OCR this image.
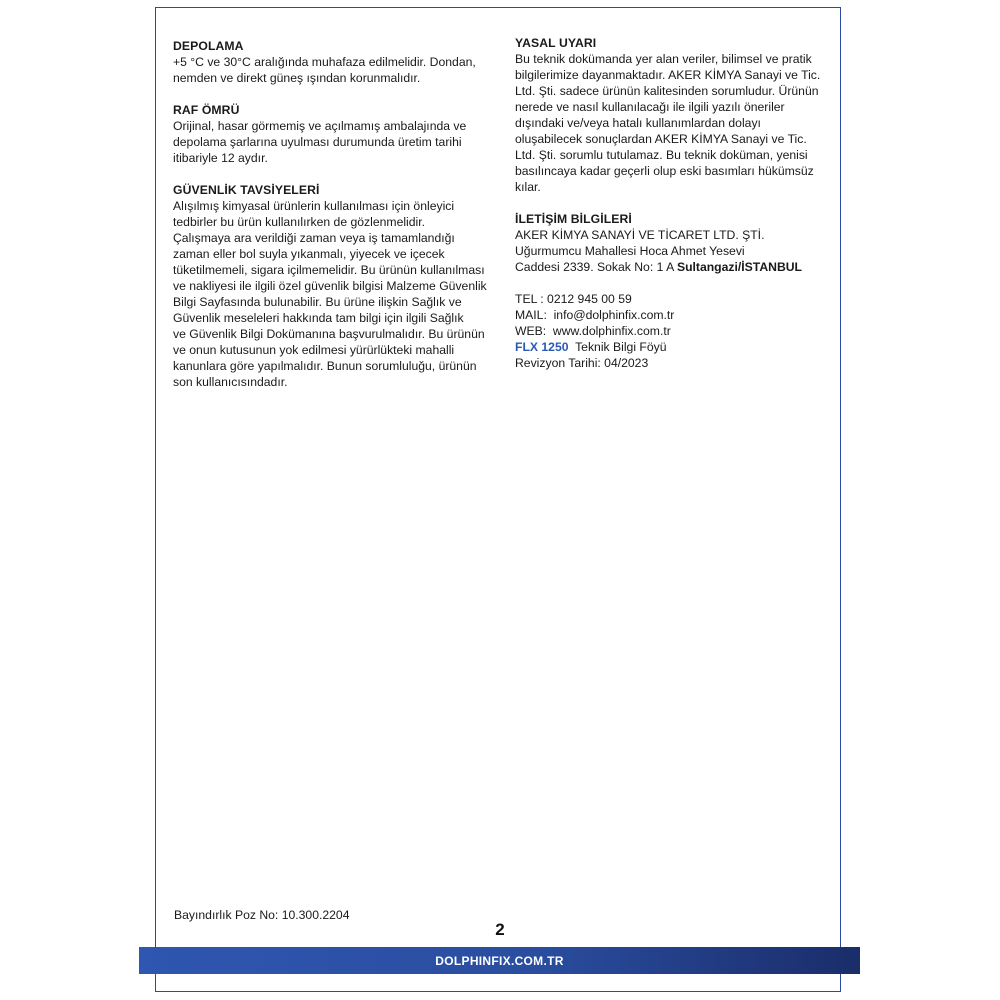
DEPOLAMA
+5 °C ve 30°C aralığında muhafaza edilmelidir. Dondan,
nemden ve direkt güneş ışından korunmalıdır.
RAF ÖMRÜ
Orijinal, hasar görmemiş ve açılmamış ambalajında ve
depolama şarlarına uyulması durumunda üretim tarihi
itibariyle 12 aydır.
GÜVENLİK TAVSİYELERİ
Alışılmış kimyasal ürünlerin kullanılması için önleyici
tedbirler bu ürün kullanılırken de gözlenmelidir.
Çalışmaya ara verildiği zaman veya iş tamamlandığı
zaman eller bol suyla yıkanmalı, yiyecek ve içecek
tüketilmemeli, sigara içilmemelidir. Bu ürünün kullanılması
ve nakliyesi ile ilgili özel güvenlik bilgisi Malzeme Güvenlik
Bilgi Sayfasında bulunabilir. Bu ürüne ilişkin Sağlık ve
Güvenlik meseleleri hakkında tam bilgi için ilgili Sağlık
ve Güvenlik Bilgi Dokümanına başvurulmalıdır. Bu ürünün
ve onun kutusunun yok edilmesi yürürlükteki mahalli
kanunlara göre yapılmalıdır. Bunun sorumluluğu, ürünün
son kullanıcısındadır.
YASAL UYARI
Bu teknik dokümanda yer alan veriler, bilimsel ve pratik
bilgilerimize dayanmaktadır. AKER KİMYA Sanayi ve Tic.
Ltd. Şti. sadece ürünün kalitesinden sorumludur. Ürünün
nerede ve nasıl kullanılacağı ile ilgili yazılı öneriler
dışındaki ve/veya hatalı kullanımlardan dolayı
oluşabilecek sonuçlardan AKER KİMYA Sanayi ve Tic.
Ltd. Şti. sorumlu tutulamaz. Bu teknik doküman, yenisi
basılıncaya kadar geçerli olup eski basımları hükümsüz
kılar.
İLETİŞİM BİLGİLERİ
AKER KİMYA SANAYİ VE TİCARET LTD. ŞTİ.
Uğurmumcu Mahallesi Hoca Ahmet Yesevi
Caddesi 2339. Sokak No: 1 A Sultangazi/İSTANBUL
TEL : 0212 945 00 59
MAIL:  info@dolphinfix.com.tr
WEB:  www.dolphinfix.com.tr
FLX 1250  Teknik Bilgi Föyü
Revizyon Tarihi: 04/2023
Bayındırlık Poz No: 10.300.2204
2
DOLPHINFIX.COM.TR
